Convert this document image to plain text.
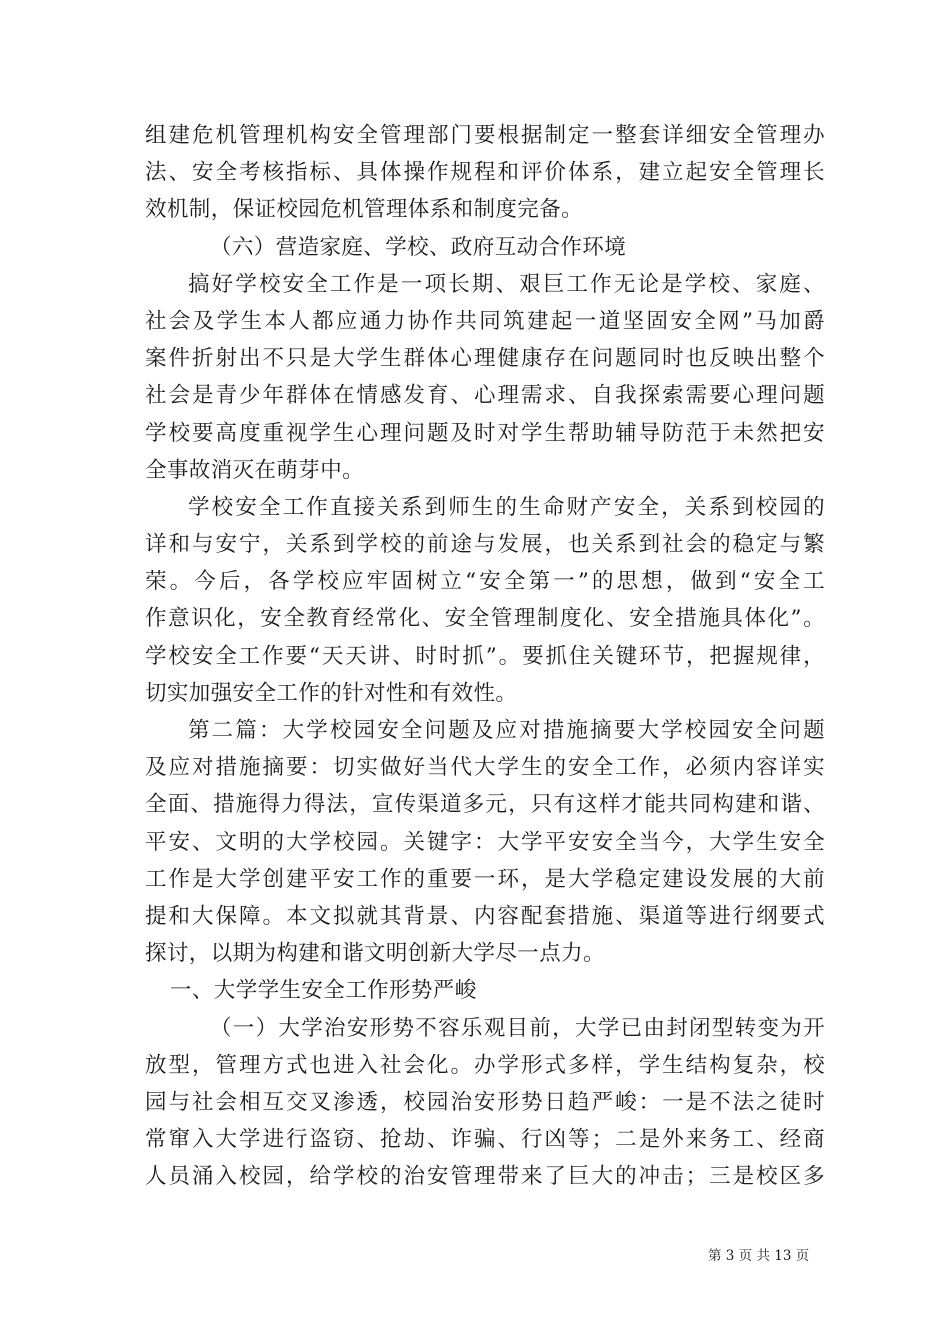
组建危机管理机构安全管理部门要根据制定一整套详细安全管理办
法、安全考核指标、具体操作规程和评价体系，建立起安全管理长
效机制，保证校园危机管理体系和制度完备。
（六）营造家庭、学校、政府互动合作环境
搞好学校安全工作是一项长期、艰巨工作无论是学校、家庭、
社会及学生本人都应通力协作共同筑建起一道坚固安全网”马加爵
案件折射出不只是大学生群体心理健康存在问题同时也反映出整个
社会是青少年群体在情感发育、心理需求、自我探索需要心理问题
学校要高度重视学生心理问题及时对学生帮助辅导防范于未然把安
全事故消灭在萌芽中。
学校安全工作直接关系到师生的生命财产安全，关系到校园的
详和与安宁，关系到学校的前途与发展，也关系到社会的稳定与繁
荣。今后，各学校应牢固树立“安全第一”的思想，做到“安全工
作意识化，安全教育经常化、安全管理制度化、安全措施具体化”。
学校安全工作要“天天讲、时时抓”。要抓住关键环节，把握规律，
切实加强安全工作的针对性和有效性。
第二篇：大学校园安全问题及应对措施摘要大学校园安全问题
及应对措施摘要：切实做好当代大学生的安全工作，必须内容详实
全面、措施得力得法，宣传渠道多元，只有这样才能共同构建和谐、
平安、文明的大学校园。关键字：大学平安安全当今，大学生安全
工作是大学创建平安工作的重要一环，是大学稳定建设发展的大前
提和大保障。本文拟就其背景、内容配套措施、渠道等进行纲要式
探讨，以期为构建和谐文明创新大学尽一点力。
一、大学学生安全工作形势严峻
（一）大学治安形势不容乐观目前，大学已由封闭型转变为开
放型，管理方式也进入社会化。办学形式多样，学生结构复杂，校
园与社会相互交叉渗透，校园治安形势日趋严峻：一是不法之徒时
常窜入大学进行盗窃、抢劫、诈骗、行凶等；二是外来务工、经商
人员涌入校园，给学校的治安管理带来了巨大的冲击；三是校区多
第 3 页 共 13 页
